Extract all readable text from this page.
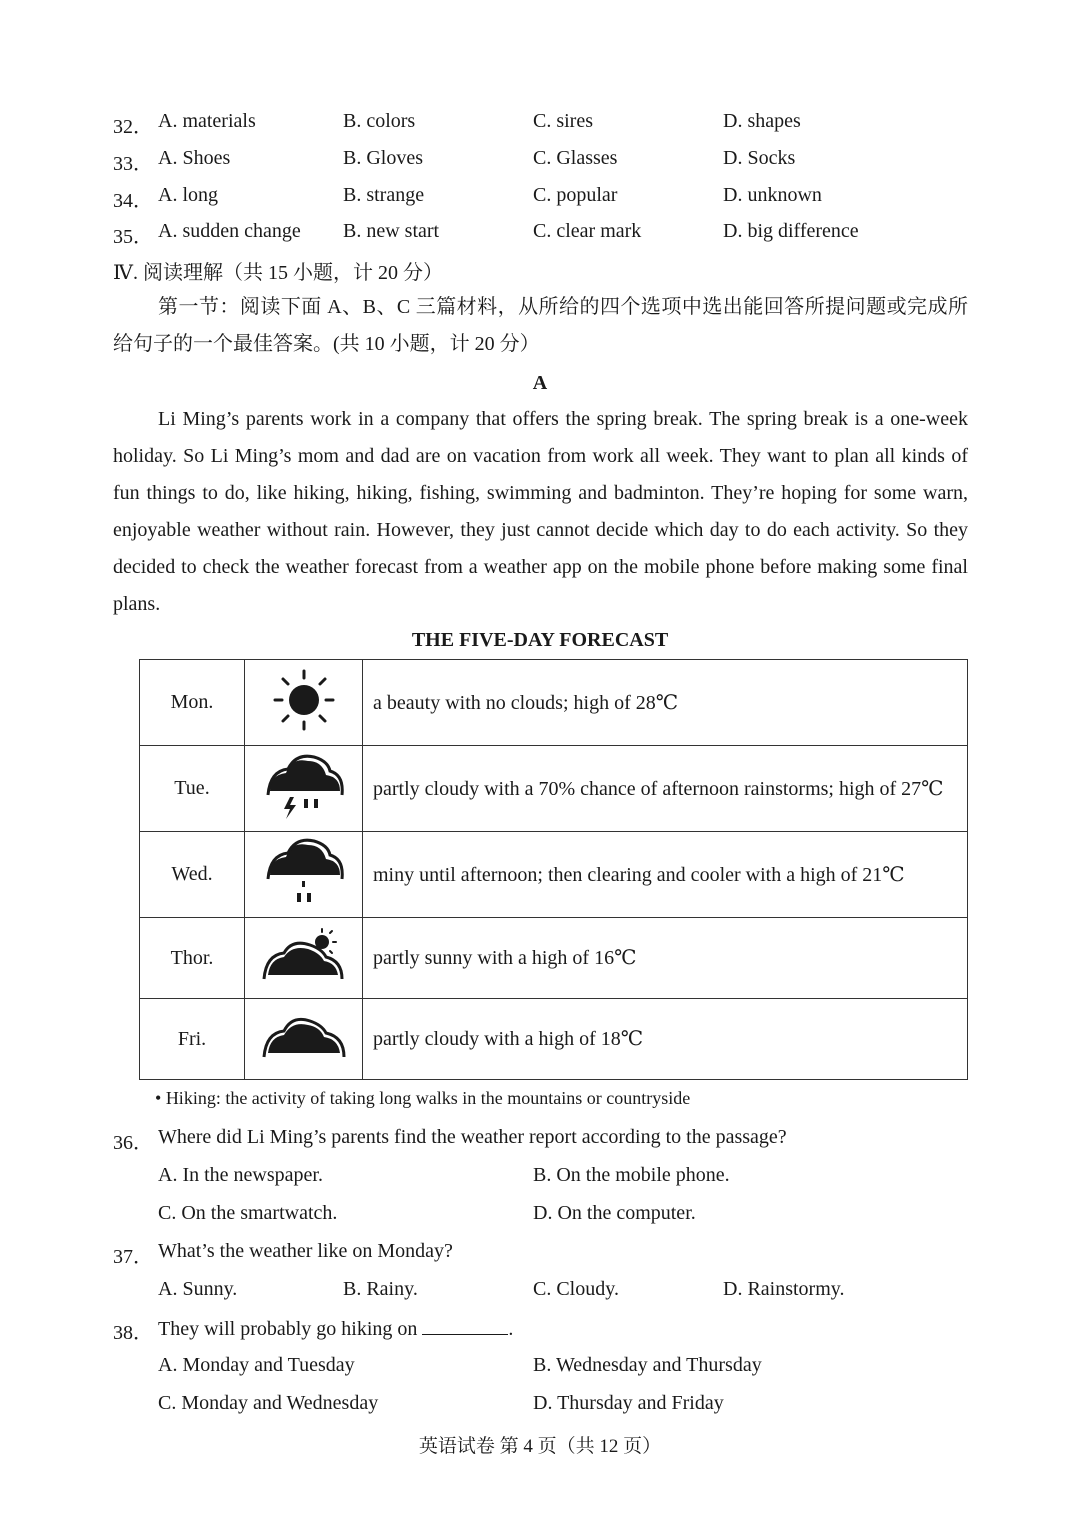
32． A. materials	B. colors	C. sires	D. shapes
33． A. Shoes	B. Gloves	C. Glasses	D. Socks
34． A. long	B. strange	C. popular	D. unknown
35． A. sudden change B. new start	C. clear mark	D. big difference
Ⅳ. 阅读理解（共 15 小题，计 20 分）
第一节：阅读下面 A、B、C 三篇材料，从所给的四个选项中选出能回答所提问题或完成所给句子的一个最佳答案。(共 10 小题，计 20 分）
A
Li Ming’s parents work in a company that offers the spring break. The spring break is a one-week holiday. So Li Ming’s mom and dad are on vacation from work all week. They want to plan all kinds of fun things to do, like hiking, hiking, fishing, swimming and badminton. They’re hoping for some warn, enjoyable weather without rain. However, they just cannot decide which day to do each activity. So they decided to check the weather forecast from a weather app on the mobile phone before making some final plans.
THE FIVE-DAY FORECAST
Mon.		a beauty with no clouds; high of 28℃
Tue.		partly cloudy with a 70% chance of afternoon rainstorms; high of 27℃
Wed.		miny until afternoon; then clearing and cooler with a high of 21℃
Thor.		partly sunny with a high of 16℃
Fri.		partly cloudy with a high of 18℃
• Hiking: the activity of taking long walks in the mountains or countryside
36． Where did Li Ming’s parents find the weather report according to the passage?
A. In the newspaper.	B. On the mobile phone.
C. On the smartwatch.	D. On the computer.
37． What’s the weather like on Monday?
A. Sunny.	B. Rainy.	C. Cloudy.	D. Rainstormy.
38． They will probably go hiking on	.
A. Monday and Tuesday	B. Wednesday and Thursday
C. Monday and Wednesday	D. Thursday and Friday
英语试卷 第 4 页（共 12 页）
